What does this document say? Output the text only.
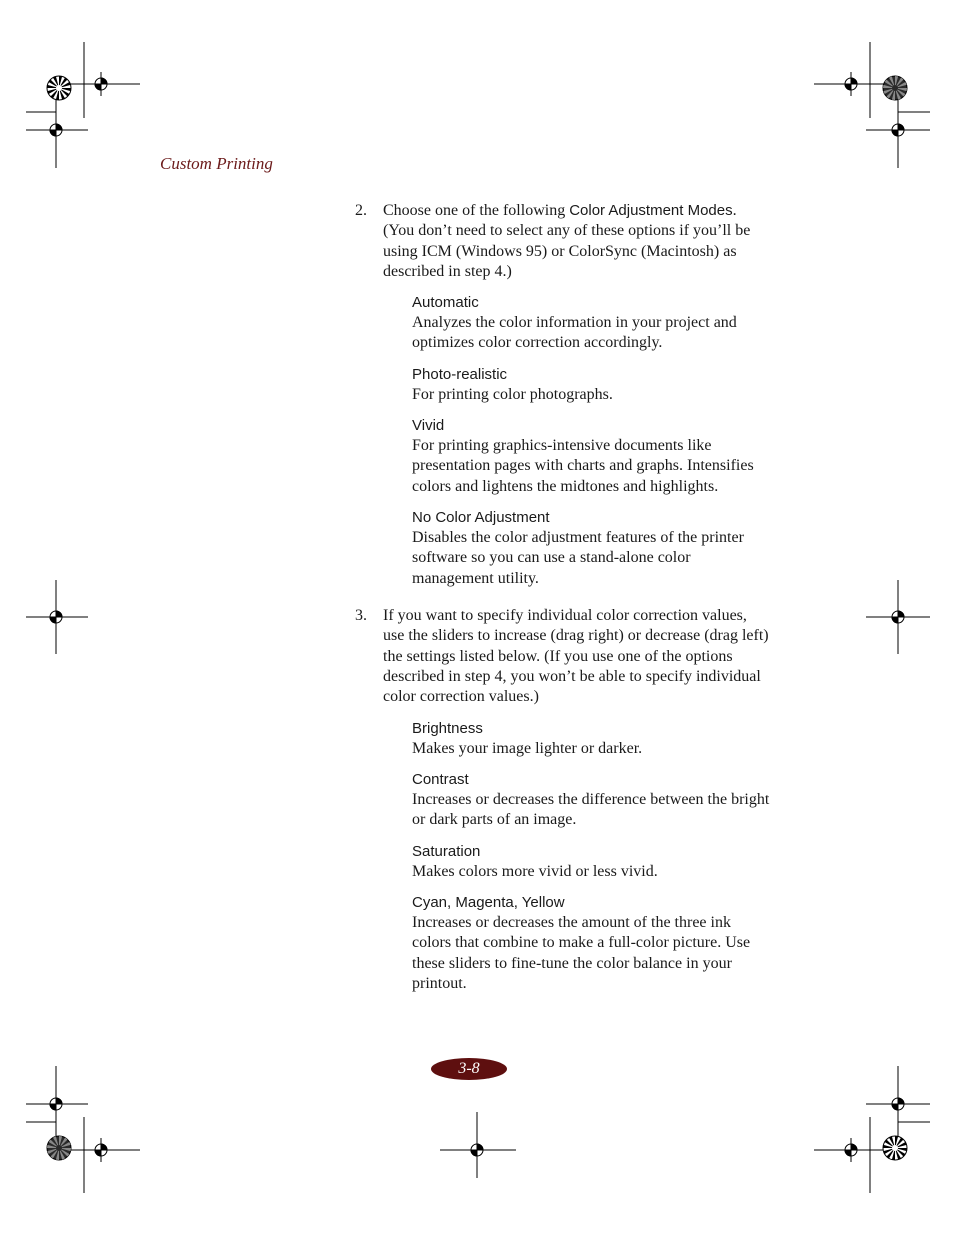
Custom Printing
2. Choose one of the following Color Adjustment Modes.
(You don’t need to select any of these options if you’ll be
using ICM (Windows 95) or ColorSync (Macintosh) as
described in step 4.)
Automatic
Analyzes the color information in your project and
optimizes color correction accordingly.
Photo-realistic
For printing color photographs.
Vivid
For printing graphics-intensive documents like
presentation pages with charts and graphs. Intensifies
colors and lightens the midtones and highlights.
No Color Adjustment
Disables the color adjustment features of the printer
software so you can use a stand-alone color
management utility.
3. If you want to specify individual color correction values,
use the sliders to increase (drag right) or decrease (drag left)
the settings listed below. (If you use one of the options
described in step 4, you won’t be able to specify individual
color correction values.)
Brightness
Makes your image lighter or darker.
Contrast
Increases or decreases the difference between the bright
or dark parts of an image.
Saturation
Makes colors more vivid or less vivid.
Cyan, Magenta, Yellow
Increases or decreases the amount of the three ink
colors that combine to make a full-color picture. Use
these sliders to fine-tune the color balance in your
printout.
3-8
